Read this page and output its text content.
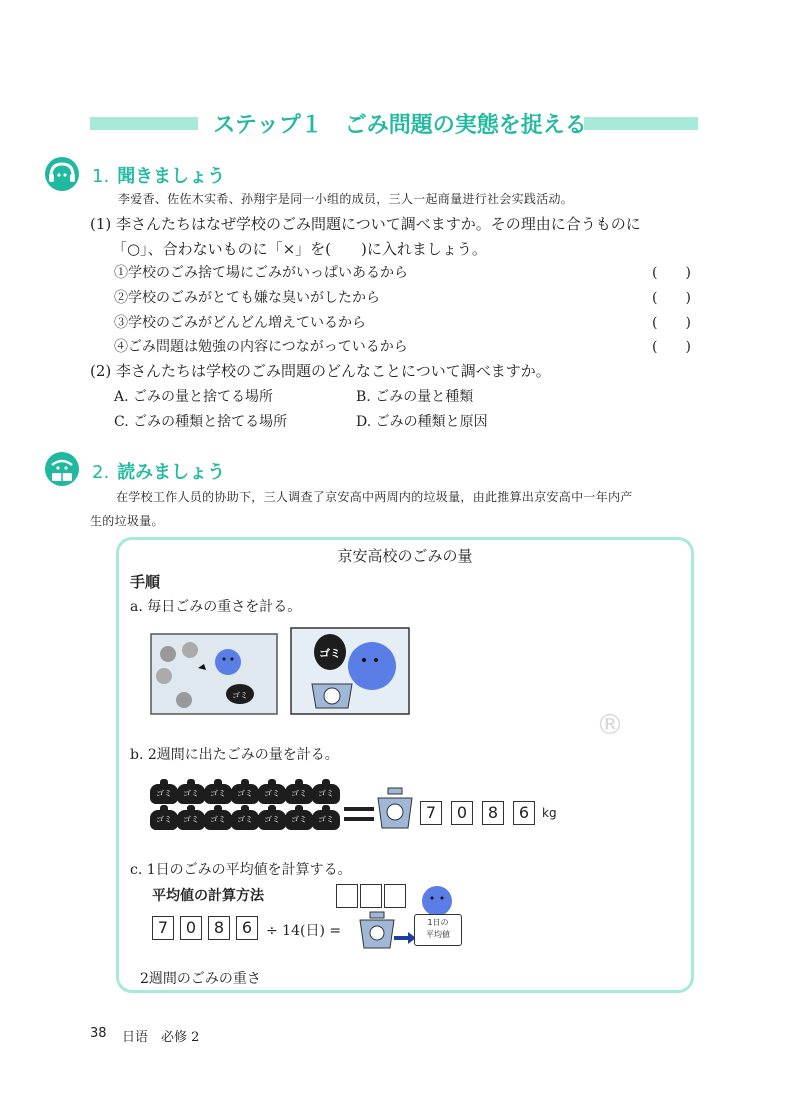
ステップ１　ごみ問題の実態を捉える
1. 聞きましょう
李爱香、佐佐木实希、孙翔宇是同一小组的成员，三人一起商量进行社会实践活动。
(1) 李さんたちはなぜ学校のごみ問題について調べますか。その理由に合うものに
「○」、合わないものに「×」を(　　)に入れましょう。
①学校のごみ捨て場にごみがいっぱいあるから	(　　)
②学校のごみがとても嫌な臭いがしたから	(　　)
③学校のごみがどんどん増えているから	(　　)
④ごみ問題は勉強の内容につながっているから	(　　)
(2) 李さんたちは学校のごみ問題のどんなことについて調べますか。
A. ごみの量と捨てる場所	B. ごみの量と種類
C. ごみの種類と捨てる場所	D. ごみの種類と原因
2. 読みましょう
在学校工作人员的协助下，三人调查了京安高中两周内的垃圾量，由此推算出京安高中一年内产
生的垃圾量。
京安高校のごみの量
手順
a. 毎日ごみの重さを計る。
ゴミ
ゴミ
®
b. 2週間に出たごみの量を計る。
ゴミ	ゴミ	ゴミ	ゴミ	ゴミ	ゴミ	ゴミ
ゴミ	ゴミ	ゴミ	ゴミ	ゴミ	ゴミ	ゴミ	7	0	8	6	kg
c. 1日のごみの平均値を計算する。
平均値の計算方法
7	0	8	6 ÷ 14(日) =
1日の
平均値
2週間のごみの重さ
38 日语　必修 2
